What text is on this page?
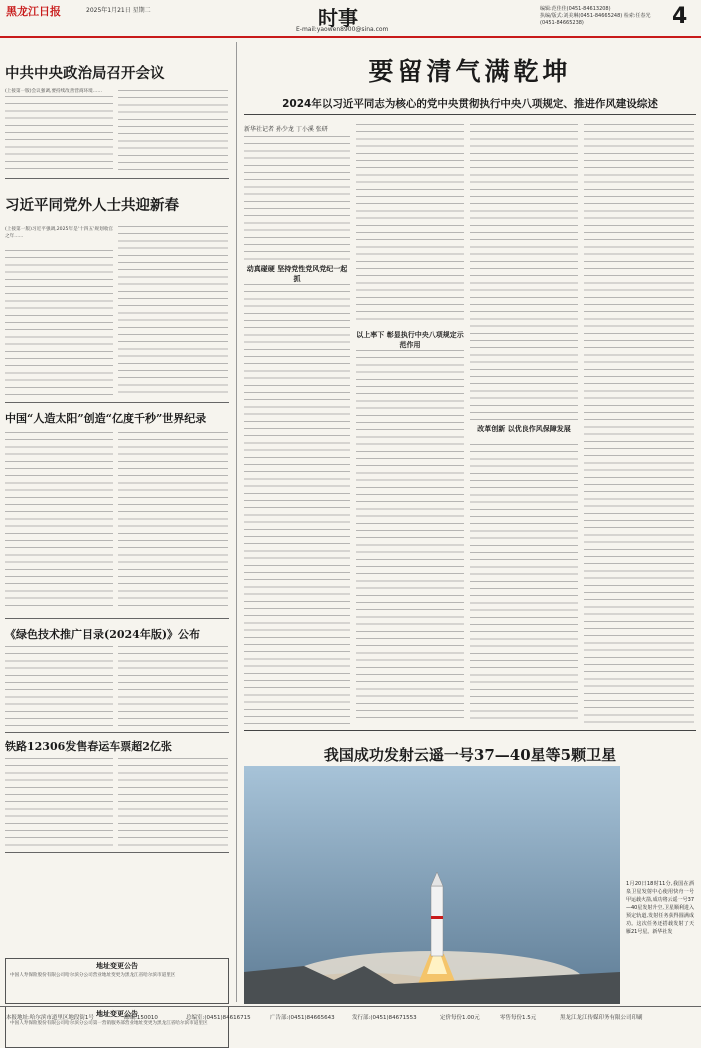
黑龙江日报	2025年1月21日 星期二	时事
E-mail:yaowen8900@sina.com
编辑:范佳佳(0451-84613208)
执编/版式:刘美琳(0451-84665248) 检索:任春光(0451-84665238)	4
中共中央政治局召开会议
(上接第一版)会议强调,要持续改善营商环境……
习近平同党外人士共迎新春
(上接第一版)习近平强调,2025年是'十四五'规划收官之年……
中国“人造太阳”创造“亿度千秒”世界纪录
《绿色技术推广目录(2024年版)》公布
铁路12306发售春运车票超2亿张
地址变更公告
中国人寿保险股份有限公司哈尔滨分公司营业地址变更为黑龙江省哈尔滨市道里区
地址变更公告
中国人寿保险股份有限公司哈尔滨分公司第一营销服务部营业地址变更为黑龙江省哈尔滨市道里区
要留清气满乾坤
2024年以习近平同志为核心的党中央贯彻执行中央八项规定、推进作风建设综述
新华社记者 孙少龙 丁小溪 张研
动真碰硬 坚持党性党风党纪一起抓
以上率下 彰显执行中央八项规定示范作用
改革创新 以优良作风保障发展
我国成功发射云遥一号37—40星等5颗卫星
1月20日18时11分,我国在酒泉卫星发射中心使用快舟一号甲运载火箭,成功将云遥一号37—40星发射升空,卫星顺利进入预定轨道,发射任务获得圆满成功。这次任务还搭载发射了天雁21号星。新华社发
本报地址:哈尔滨市道里区地段街1号	邮编:150010	总编室:(0451)84616715	广告部:(0451)84665643	发行部:(0451)84671553	定价每份1.00元	零售每份1.5元	黑龙江龙江传媒印务有限公司印刷
